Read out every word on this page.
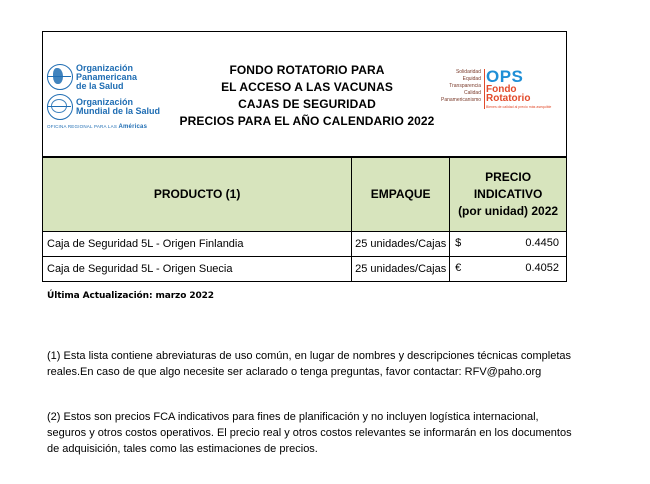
Organización
Panamericana
de la Salud
Organización
Mundial de la Salud
OFICINA REGIONAL PARA LAS Américas
FONDO ROTATORIO PARA
EL ACCESO A LAS VACUNAS
CAJAS DE SEGURIDAD
PRECIOS PARA EL AÑO CALENDARIO 2022
Solidaridad
Equidad
Transparencia
Calidad
Panamericanismo
OPS
Fondo
Rotatorio
Bienes de calidad al precio más asequible
PRODUCTO (1)	EMPAQUE	PRECIO
INDICATIVO
(por unidad) 2022

Caja de Seguridad 5L - Origen Finlandia	25 unidades/Cajas	$ 0.4450

Caja de Seguridad 5L - Origen Suecia	25 unidades/Cajas	€ 0.4052
Última Actualización: marzo 2022
(1) Esta lista contiene abreviaturas de uso común, en lugar de nombres y descripciones técnicas completas
reales.En caso de que algo necesite ser aclarado o tenga preguntas, favor contactar: RFV@paho.org
(2) Estos son precios FCA indicativos para fines de planificación y no incluyen logística internacional,
seguros y otros costos operativos. El precio real y otros costos relevantes se informarán en los documentos
de adquisición, tales como las estimaciones de precios.
